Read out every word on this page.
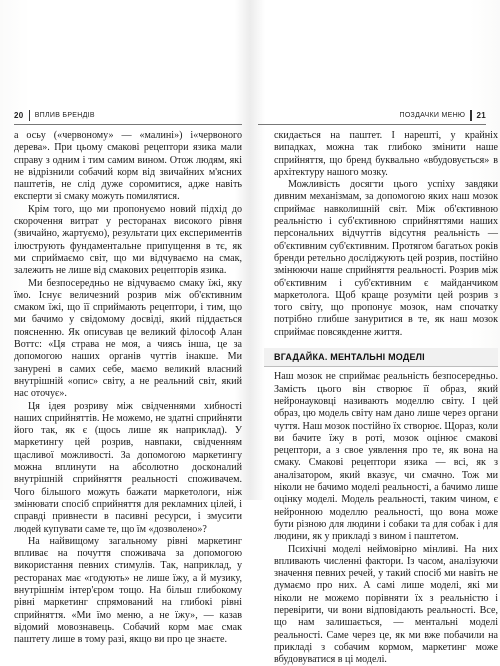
20 ВПЛИВ БРЕНДІВ

а осьу («червоному» — «малині») і«червоного дерева». При цьому смакові рецептори язика мали справу з одним і тим самим вином. Отож людям, які не відрізнили собачий корм від звичайних м'ясних паштетів, не слід дуже соромитися, адже навіть експерти зі смаку можуть помилятися.

Крім того, що ми пропонуємо новий підхід до скорочення витрат у ресторанах високого рівня (звичайно, жартуємо), результати цих експериментів ілюструють фундаментальне припущення в тє, як ми сприймаємо світ, що ми відчуваємо на смак, залежить не лише від смакових рецепторів язика.

Ми безпосередньо не відчуваємо смаку їжі, яку їмо. Існує величезний розрив між об'єктивним смаком їжі, що її сприймають рецептори, і тим, що ми бачимо у свідомому досвіді, який піддається поясненню. Як описував це великий філософ Алан Воттс: «Ця страва не моя, а чиясь інша, це за допомогою наших органів чуттів інакше. Ми занурені в самих себе, маємо великий власний внутрішній «опис» світу, а не реальний світ, який нас оточує».

Ця ідея розриву між свідченнями хибності наших сприйняттів. Не можемо, не здатні сприйняти його так, як є (щось лише як наприклад). У маркетингу цей розрив, навпаки, свідченням щасливої можливості. За допомогою маркетингу можна вплинути на абсолютно досконалий внутрішній сприйняття реальності споживачем. Чого більшого можуть бажати маркетологи, ніж змінювати спосіб сприйняття для рекламних цілей, і справді привнести в пасивні ресурси, і змусити людей купувати саме те, що їм «дозволено»?

На найвищому загальному рівні маркетинг впливає на почуття споживача за допомогою використання певних стимулів. Так, наприклад, у ресторанах має «годують» не лише їжу, а й музику, внутрішнім інтер'єром тощо. На більш глибокому рівні маркетинг спрямований на глибокі рівні сприйняття. «Ми їмо меню, а не їжу», — казав відомий мовознавець. Собачий корм має смак паштету лише в тому разі, якщо ви про це знаєте.

ПОЗДАЧКИ МЕНЮ 21

скидається на паштет. І нарешті, у крайніх випадках, можна так глибоко змінити наше сприйняття, що бренд буквально «вбудовується» в архітектуру нашого мозку.

Можливість досягти цього успіху завдяки дивним механізмам, за допомогою яких наш мозок сприймає навколишній світ. Між об'єктивною реальністю і суб'єктивною сприйняттями наших персональних відчуттів відсутня реальність — об'єктивним суб'єктивним. Протягом багатьох років бренди ретельно досліджують цей розрив, постійно змінюючи наше сприйняття реальності. Розрив між об'єктивним і суб'єктивним є майданчиком маркетолога. Щоб краще розуміти цей розрив з того світу, що пропонує мозок, нам спочатку потрібно глибше зануритися в те, як наш мозок сприймає повсякденне життя.

ВГАДАЙКА. МЕНТАЛЬНІ МОДЕЛІ

Наш мозок не сприймає реальність безпосередньо. Замість цього він створює її образ, який нейронауковці називають моделлю світу. І цей образ, цю модель світу нам дано лише через органи чуття. Наш мозок постійно їх створює. Щораз, коли ви бачите їжу в роті, мозок оцінює смакові рецептори, а з свое уявлення про те, як вона на смаку. Смакові рецептори язика — всі, як з аналізатором, який вказує, чи смачно. Тож ми ніколи не бачимо моделі реальності, а бачимо лише оцінку моделі. Модель реальності, таким чином, є нейронною моделлю реальності, що вона може бути різною для людини і собаки та для собак і для людини, як у прикладі з вином і паштетом.

Психічні моделі неймовірно мінливі. На них впливають численні фактори. Із часом, аналізуючи значення певних речей, у такий спосіб ми навіть не думаємо про них. А самі лише моделі, які ми ніколи не можемо порівняти їх з реальністю і перевірити, чи вони відповідають реальності. Все, що нам залишається, — ментальні моделі реальності. Саме через це, як ми вже побачили на прикладі з собачим кормом, маркетинг може вбудовуватися в ці моделі.
